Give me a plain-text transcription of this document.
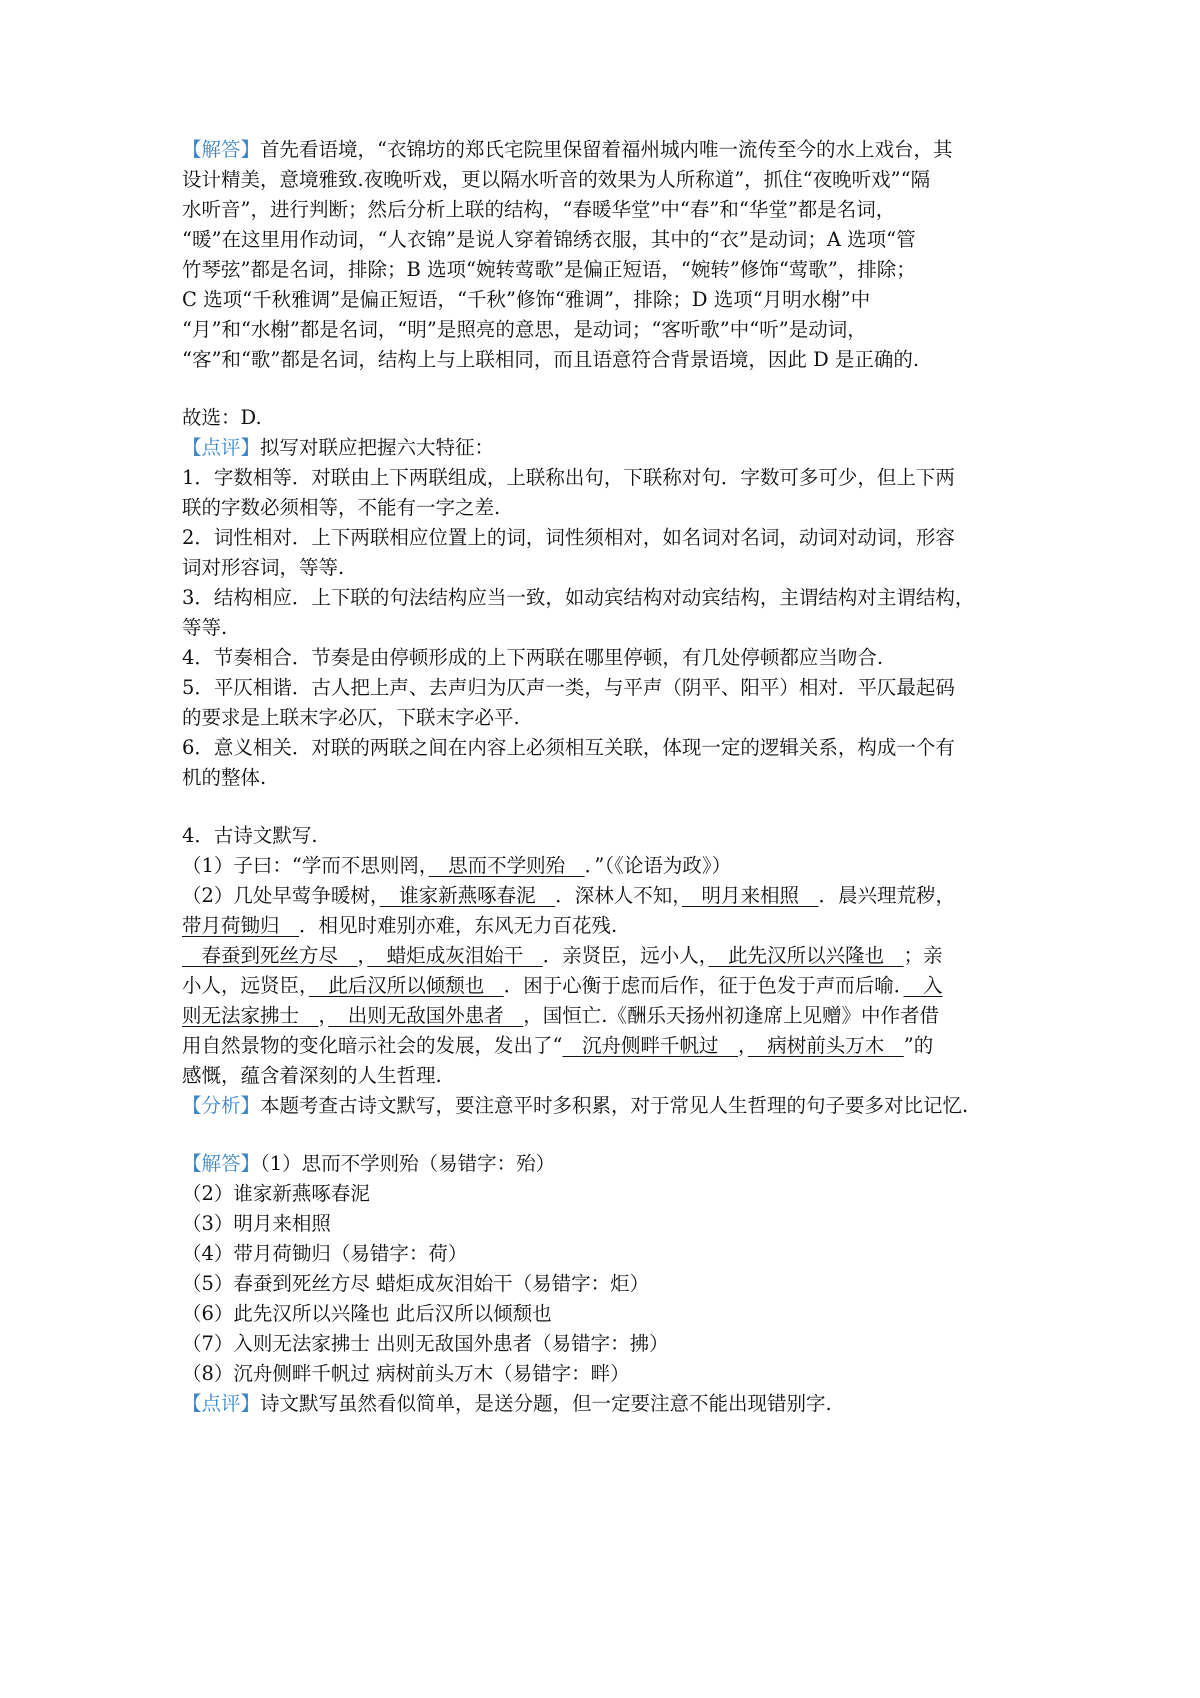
【解答】首先看语境，“衣锦坊的郑氏宅院里保留着福州城内唯一流传至今的水上戏台，其
设计精美，意境雅致.夜晚听戏，更以隔水听音的效果为人所称道”，抓住“夜晚听戏”“隔
水听音”，进行判断；然后分析上联的结构，“春暖华堂”中“春”和“华堂”都是名词，
“暖”在这里用作动词，“人衣锦”是说人穿着锦绣衣服，其中的“衣”是动词；A 选项“管
竹琴弦”都是名词，排除；B 选项“婉转莺歌”是偏正短语，“婉转”修饰“莺歌”，排除；
C 选项“千秋雅调”是偏正短语，“千秋”修饰“雅调”，排除；D 选项“月明水榭”中
“月”和“水榭”都是名词，“明”是照亮的意思，是动词；“客听歌”中“听”是动词，
“客”和“歌”都是名词，结构上与上联相同，而且语意符合背景语境，因此 D 是正确的.
故选：D.
【点评】拟写对联应把握六大特征：
1．字数相等．对联由上下两联组成，上联称出句，下联称对句．字数可多可少，但上下两
联的字数必须相等，不能有一字之差.
2．词性相对．上下两联相应位置上的词，词性须相对，如名词对名词，动词对动词，形容
词对形容词，等等.
3．结构相应．上下联的句法结构应当一致，如动宾结构对动宾结构，主谓结构对主谓结构，
等等.
4．节奏相合．节奏是由停顿形成的上下两联在哪里停顿，有几处停顿都应当吻合.
5．平仄相谐．古人把上声、去声归为仄声一类，与平声（阴平、阳平）相对．平仄最起码
的要求是上联末字必仄，下联末字必平.
6．意义相关．对联的两联之间在内容上必须相互关联，体现一定的逻辑关系，构成一个有
机的整体.
4．古诗文默写.
（1）子曰：“学而不思则罔，　思而不学则殆　．”（《论语为政》）
（2）几处早莺争暖树，　谁家新燕啄春泥　．深林人不知，　明月来相照　．晨兴理荒秽，
带月荷锄归　．相见时难别亦难，东风无力百花残.
　春蚕到死丝方尽　，　蜡炬成灰泪始干　．亲贤臣，远小人，　此先汉所以兴隆也　；亲
小人，远贤臣，　此后汉所以倾颓也　．困于心衡于虑而后作，征于色发于声而后喻．　入
则无法家拂士　，　出则无敌国外患者　，国恒亡.《酬乐天扬州初逢席上见赠》中作者借
用自然景物的变化暗示社会的发展，发出了“　沉舟侧畔千帆过　，　病树前头万木　”的
感慨，蕴含着深刻的人生哲理.
【分析】本题考查古诗文默写，要注意平时多积累，对于常见人生哲理的句子要多对比记忆.
【解答】（1）思而不学则殆（易错字：殆）
（2）谁家新燕啄春泥
（3）明月来相照
（4）带月荷锄归（易错字：荷）
（5）春蚕到死丝方尽 蜡炬成灰泪始干（易错字：炬）
（6）此先汉所以兴隆也 此后汉所以倾颓也
（7）入则无法家拂士 出则无敌国外患者（易错字：拂）
（8）沉舟侧畔千帆过 病树前头万木（易错字：畔）
【点评】诗文默写虽然看似简单，是送分题，但一定要注意不能出现错别字.
